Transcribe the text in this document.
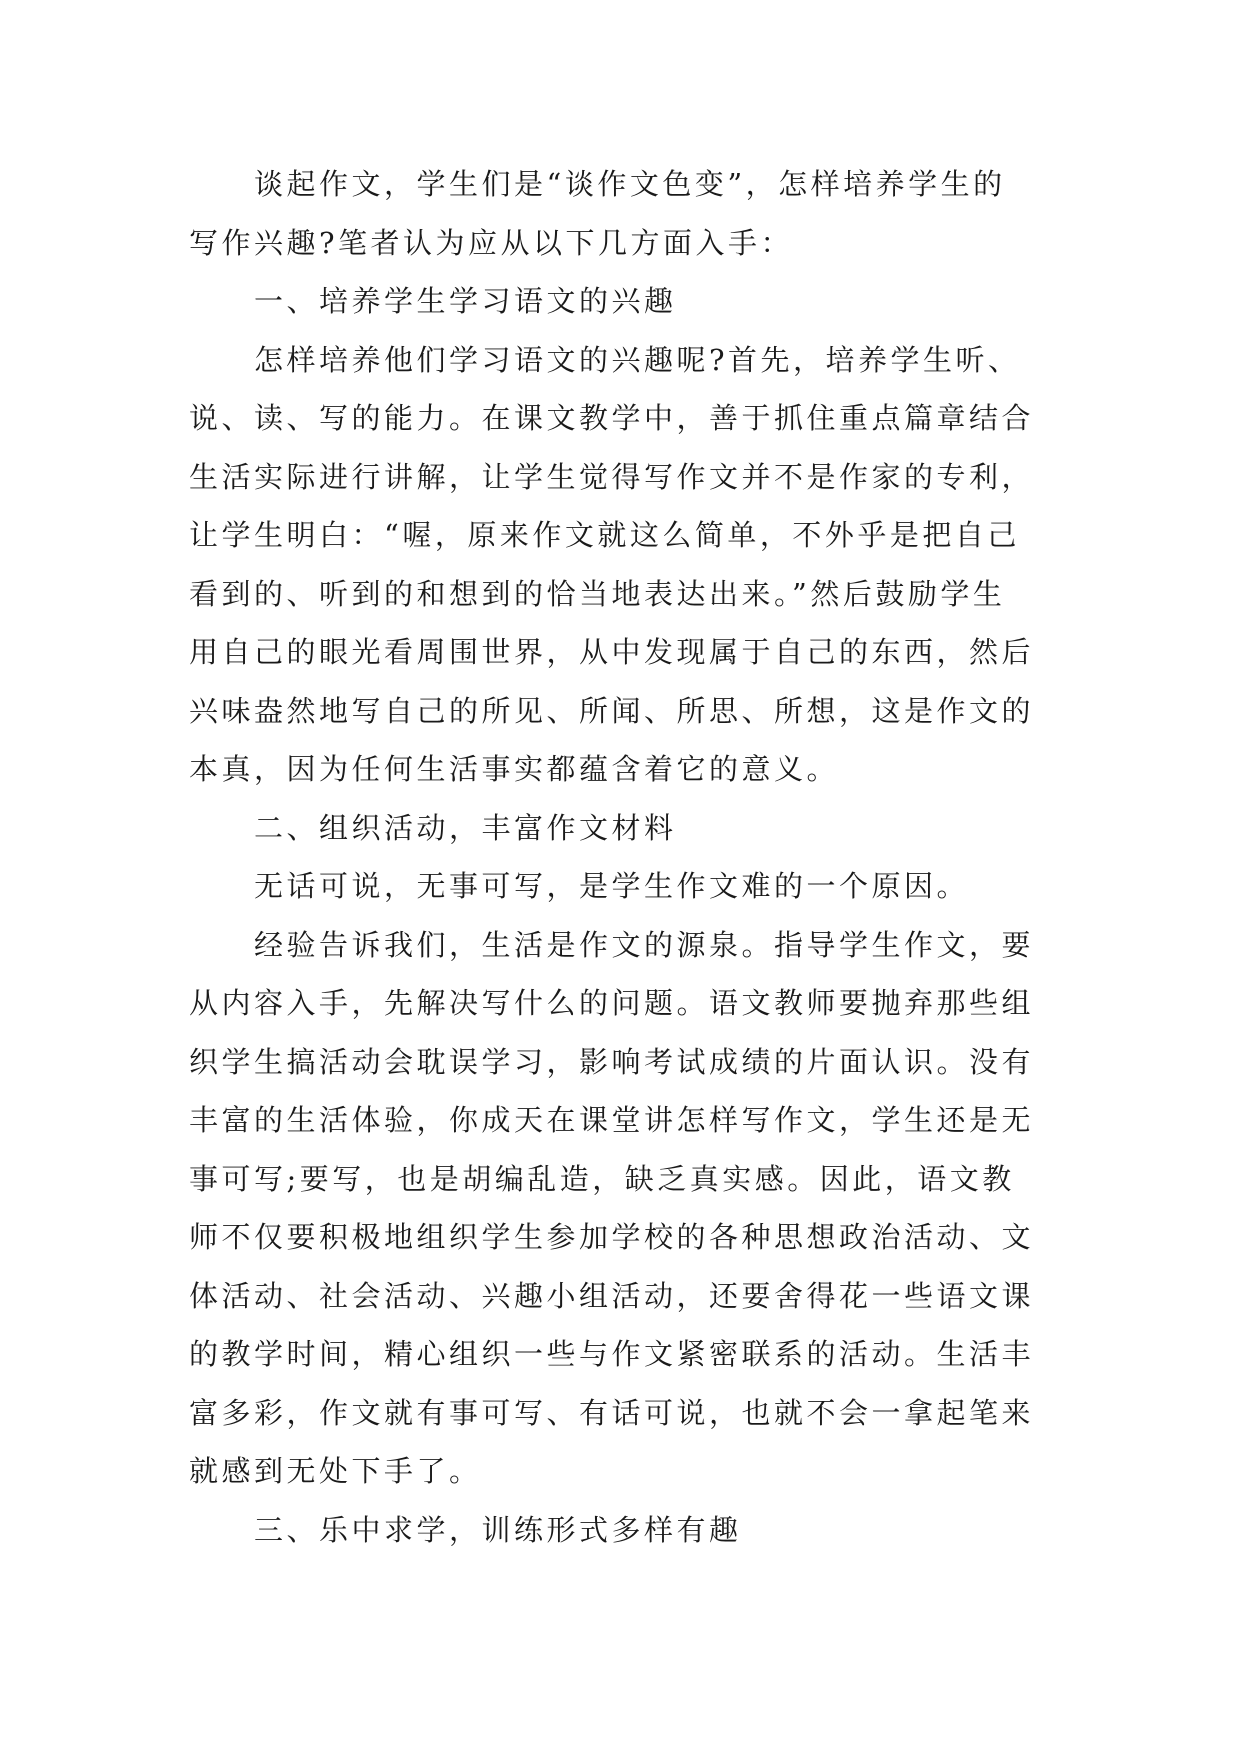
谈起作文，学生们是“谈作文色变”，怎样培养学生的
写作兴趣?笔者认为应从以下几方面入手：
一、培养学生学习语文的兴趣
怎样培养他们学习语文的兴趣呢?首先，培养学生听、
说、读、写的能力。在课文教学中，善于抓住重点篇章结合
生活实际进行讲解，让学生觉得写作文并不是作家的专利，
让学生明白：“喔，原来作文就这么简单，不外乎是把自己
看到的、听到的和想到的恰当地表达出来。”然后鼓励学生
用自己的眼光看周围世界，从中发现属于自己的东西，然后
兴味盎然地写自己的所见、所闻、所思、所想，这是作文的
本真，因为任何生活事实都蕴含着它的意义。
二、组织活动，丰富作文材料
无话可说，无事可写，是学生作文难的一个原因。
经验告诉我们，生活是作文的源泉。指导学生作文，要
从内容入手，先解决写什么的问题。语文教师要抛弃那些组
织学生搞活动会耽误学习，影响考试成绩的片面认识。没有
丰富的生活体验，你成天在课堂讲怎样写作文，学生还是无
事可写;要写，也是胡编乱造，缺乏真实感。因此，语文教
师不仅要积极地组织学生参加学校的各种思想政治活动、文
体活动、社会活动、兴趣小组活动，还要舍得花一些语文课
的教学时间，精心组织一些与作文紧密联系的活动。生活丰
富多彩，作文就有事可写、有话可说，也就不会一拿起笔来
就感到无处下手了。
三、乐中求学，训练形式多样有趣
